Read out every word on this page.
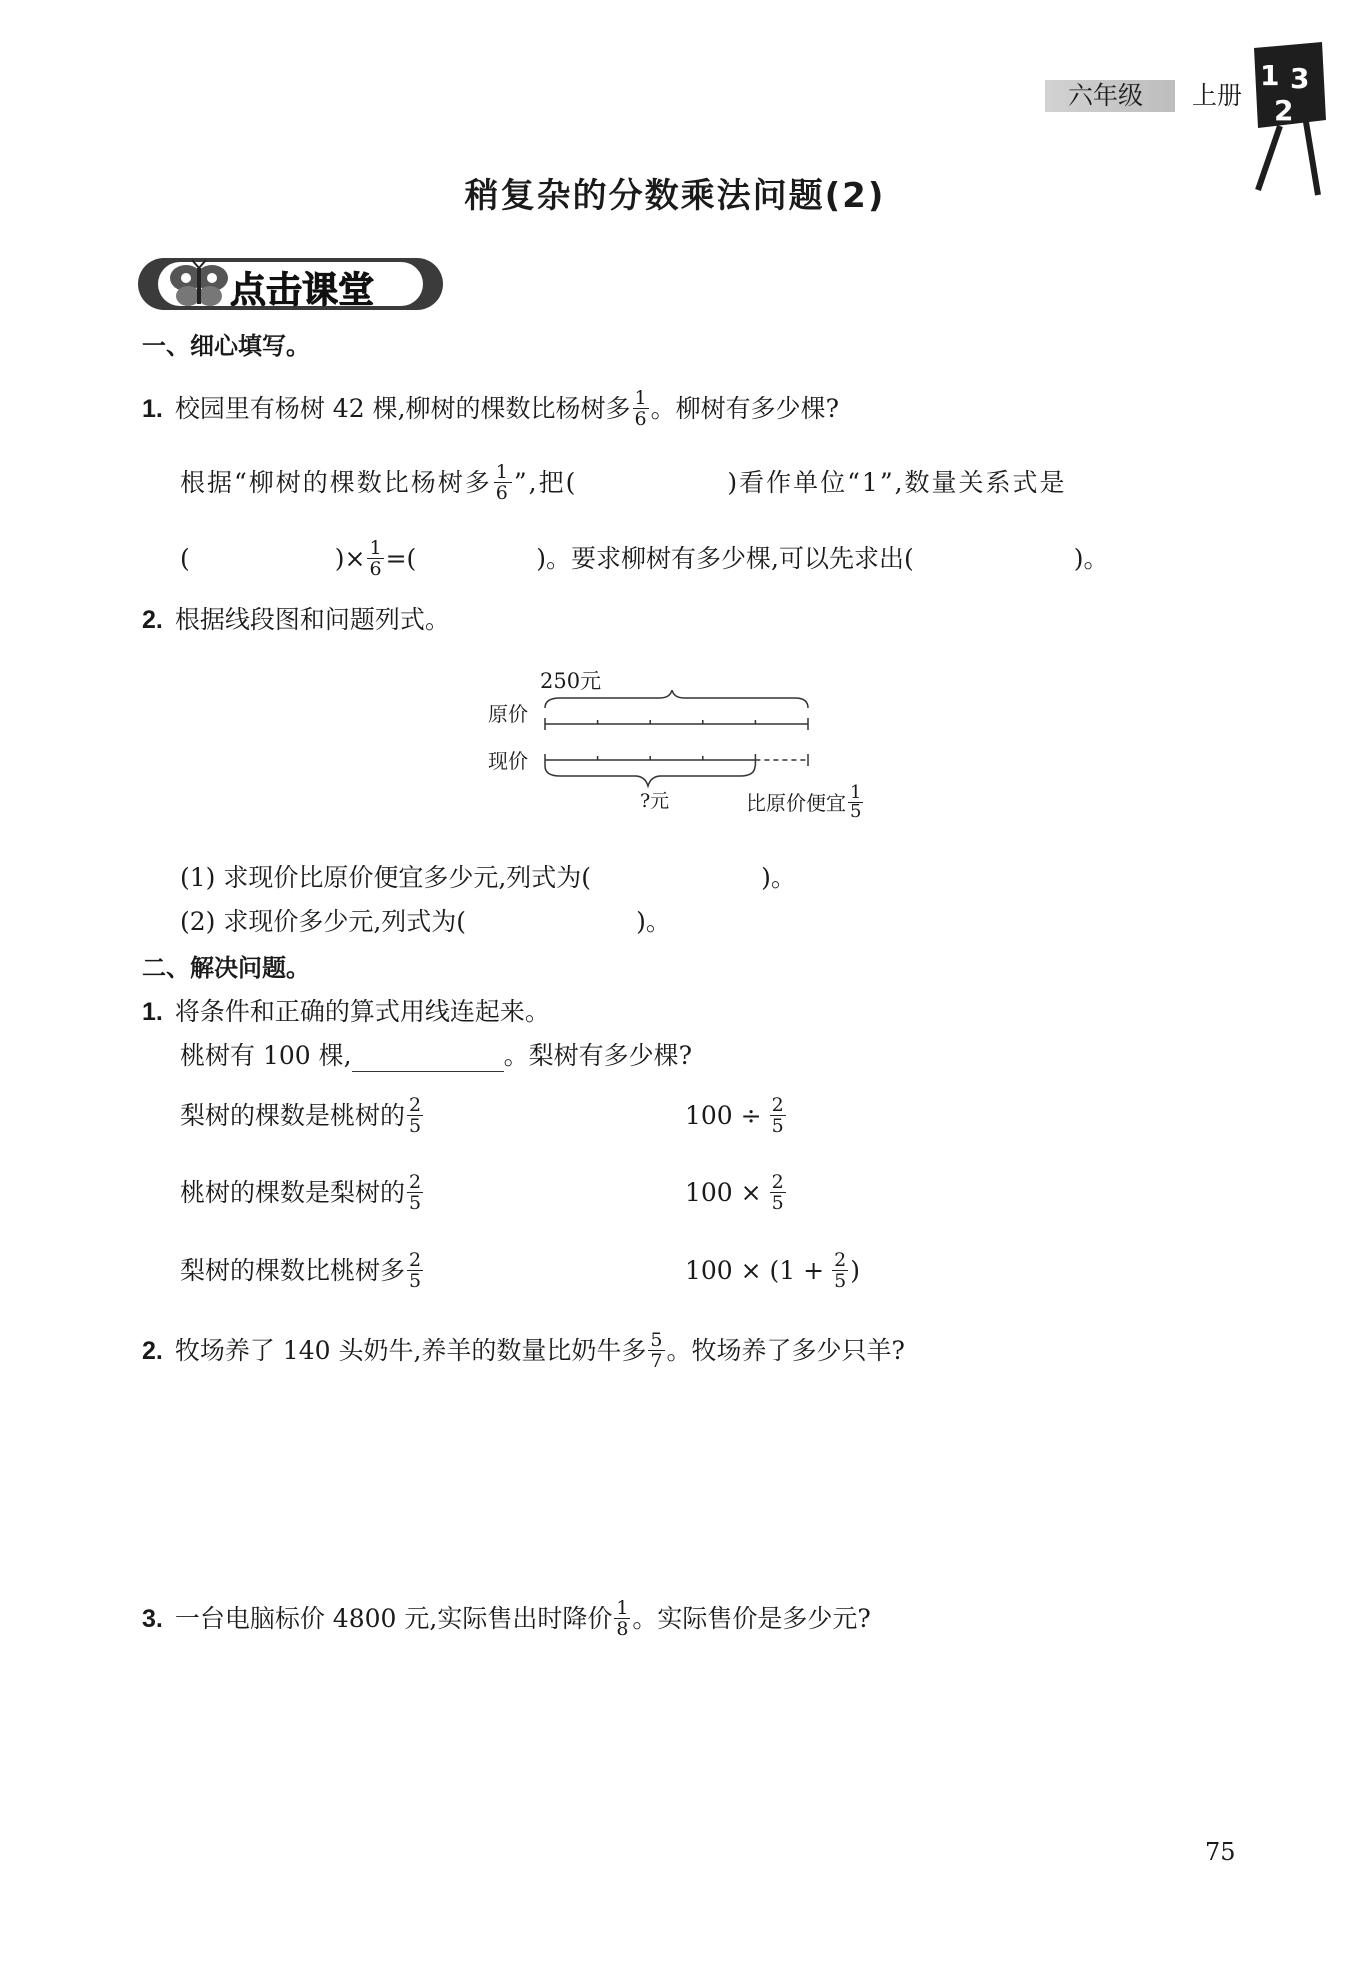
六年级 上册
1 3
2
稍复杂的分数乘法问题(2)
点击课堂
一、细心填写。
1. 校园里有杨树 42 棵,柳树的棵数比杨树多 $\frac{1}{6}$ 。柳树有多少棵?
根据“柳树的棵数比杨树多 $\frac{1}{6}$ ”,把(	)看作单位“1”,数量关系式是
(	)× $\frac{1}{6}$ =(	)。要求柳树有多少棵,可以先求出(	)。
2. 根据线段图和问题列式。
250元
原价
现价
?元	比原价便宜 $\frac{1}{5}$
(1) 求现价比原价便宜多少元,列式为(	)。
(2) 求现价多少元,列式为(	)。
二、解决问题。
1. 将条件和正确的算式用线连起来。
桃树有 100 棵,	。梨树有多少棵?
梨树的棵数是桃树的 $\frac{2}{5}$
桃树的棵数是梨树的 $\frac{2}{5}$
梨树的棵数比桃树多 $\frac{2}{5}$
$100 \div \frac{2}{5}$
$100 \times \frac{2}{5}$
$100 \times (1 + \frac{2}{5}$ )
2. 牧场养了 140 头奶牛,养羊的数量比奶牛多 $\frac{5}{7}$ 。牧场养了多少只羊?
3. 一台电脑标价 4800 元,实际售出时降价 $\frac{1}{8}$ 。实际售价是多少元?
75
